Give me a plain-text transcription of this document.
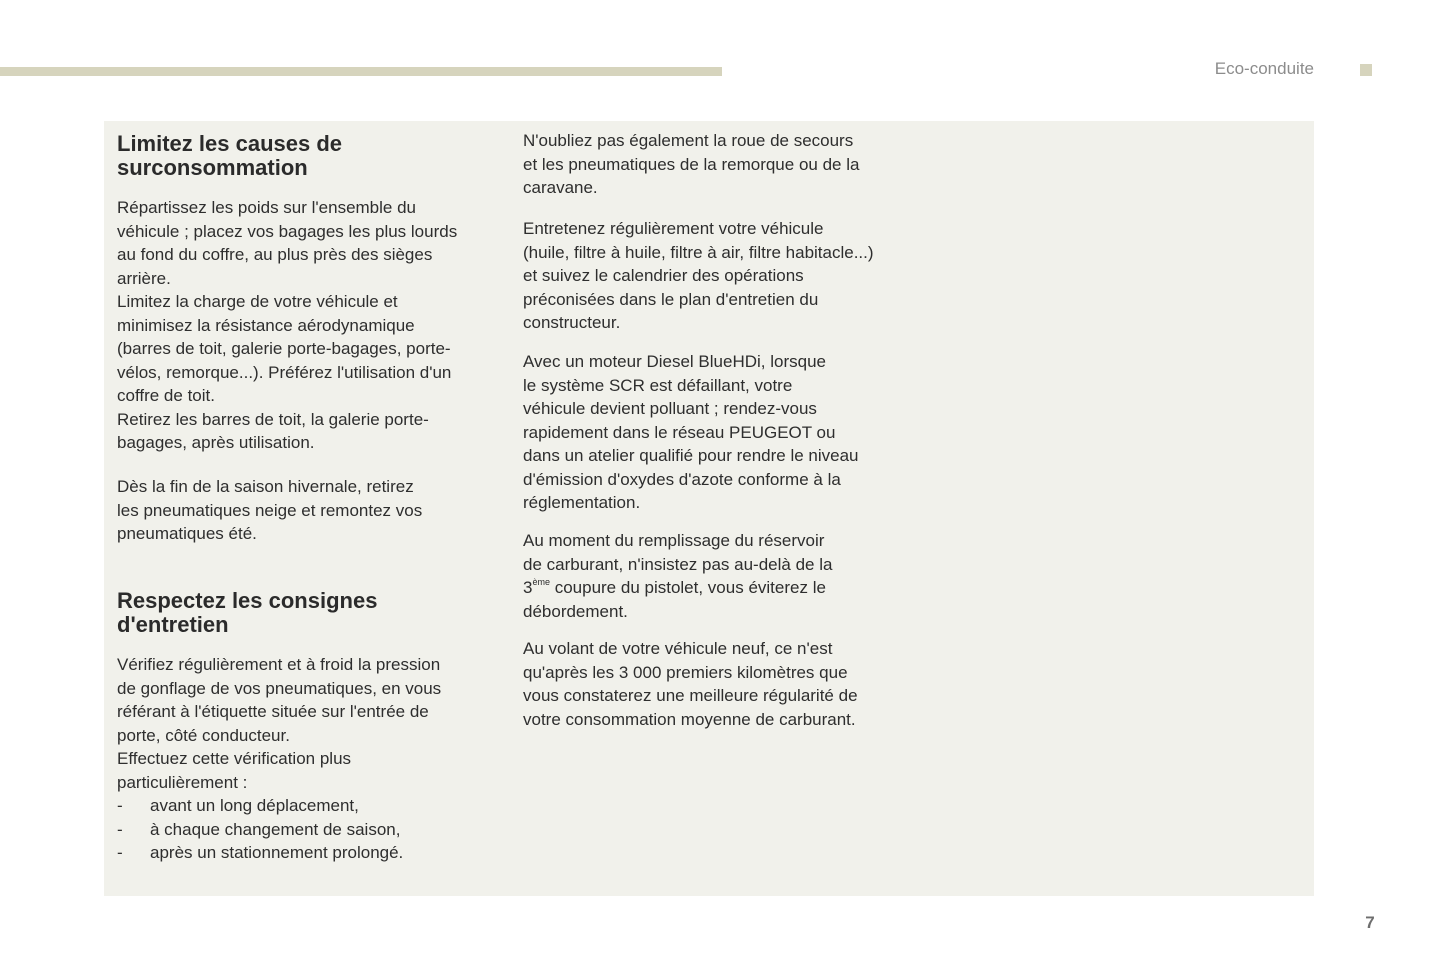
Eco-conduite
Limitez les causes de
surconsommation

Répartissez les poids sur l'ensemble du
véhicule ; placez vos bagages les plus lourds
au fond du coffre, au plus près des sièges
arrière.
Limitez la charge de votre véhicule et
minimisez la résistance aérodynamique
(barres de toit, galerie porte-bagages, porte-
vélos, remorque...). Préférez l'utilisation d'un
coffre de toit.
Retirez les barres de toit, la galerie porte-
bagages, après utilisation.

Dès la fin de la saison hivernale, retirez
les pneumatiques neige et remontez vos
pneumatiques été.

Respectez les consignes
d'entretien

Vérifiez régulièrement et à froid la pression
de gonflage de vos pneumatiques, en vous
référant à l'étiquette située sur l'entrée de
porte, côté conducteur.
Effectuez cette vérification plus
particulièrement :

-	avant un long déplacement,
-	à chaque changement de saison,
-	après un stationnement prolongé.

N'oubliez pas également la roue de secours
et les pneumatiques de la remorque ou de la
caravane.

Entretenez régulièrement votre véhicule
(huile, filtre à huile, filtre à air, filtre habitacle...)
et suivez le calendrier des opérations
préconisées dans le plan d'entretien du
constructeur.

Avec un moteur Diesel BlueHDi, lorsque
le système SCR est défaillant, votre
véhicule devient polluant ; rendez-vous
rapidement dans le réseau PEUGEOT ou
dans un atelier qualifié pour rendre le niveau
d'émission d'oxydes d'azote conforme à la
réglementation.

Au moment du remplissage du réservoir
de carburant, n'insistez pas au-delà de la
3ème coupure du pistolet, vous éviterez le
débordement.

Au volant de votre véhicule neuf, ce n'est
qu'après les 3 000 premiers kilomètres que
vous constaterez une meilleure régularité de
votre consommation moyenne de carburant.

7
